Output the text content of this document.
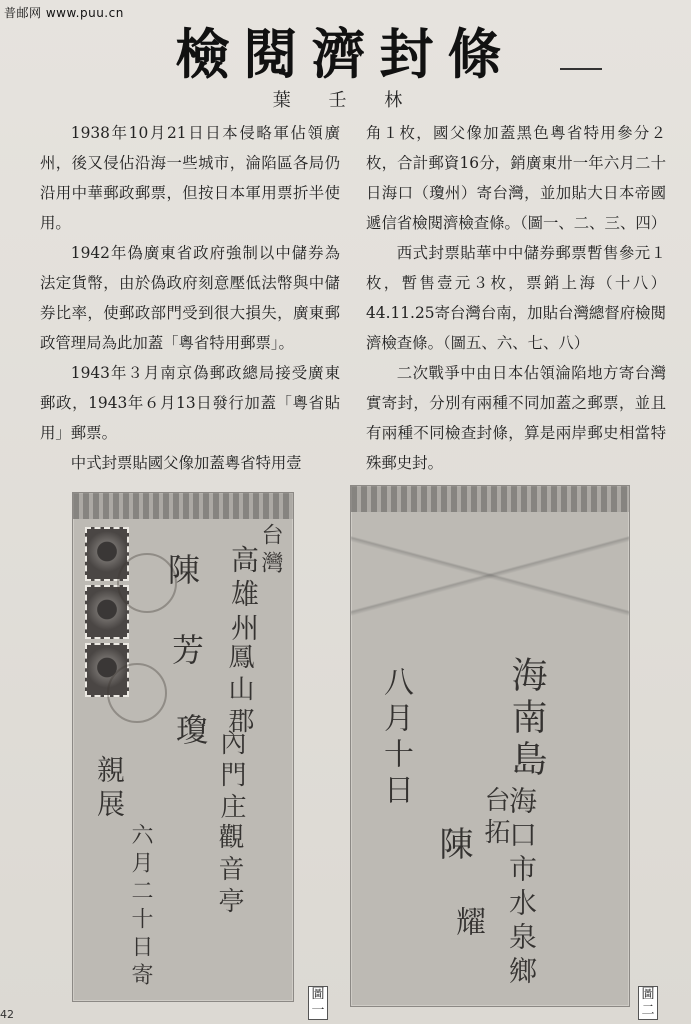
普邮网 www.puu.cn
檢閱濟封條
葉 壬 林

1938年10月21日日本侵略軍佔領廣州，後又侵佔沿海一些城市，淪陷區各局仍沿用中華郵政郵票，但按日本軍用票折半使用。

1942年偽廣東省政府強制以中儲券為法定貨幣，由於偽政府刻意壓低法幣與中儲券比率，使郵政部門受到很大損失，廣東郵政管理局為此加蓋「粵省特用郵票」。

1943年３月南京偽郵政總局接受廣東郵政，1943年６月13日發行加蓋「粵省貼用」郵票。

中式封票貼國父像加蓋粵省特用壹

角１枚，國父像加蓋黑色粵省特用參分２枚，合計郵資16分，銷廣東卅一年六月二十日海口（瓊州）寄台灣，並加貼大日本帝國遞信省檢閱濟檢查條。（圖一、二、三、四）

西式封票貼華中中儲券郵票暫售參元１枚，暫售壹元３枚，票銷上海（十八）44.11.25寄台灣台南，加貼台灣總督府檢閱濟檢查條。（圖五、六、七、八）

二次戰爭中由日本佔領淪陷地方寄台灣實寄封，分別有兩種不同加蓋之郵票，並且有兩種不同檢查封條，算是兩岸郵史相當特殊郵史封。

台灣
高雄州
鳳山郡
內門庄
觀音亭
陳
芳
瓊
親展
六月二十日寄
圖一
海南島
海口市水泉鄉
台拓
陳
耀
八月十日
圖二
42
